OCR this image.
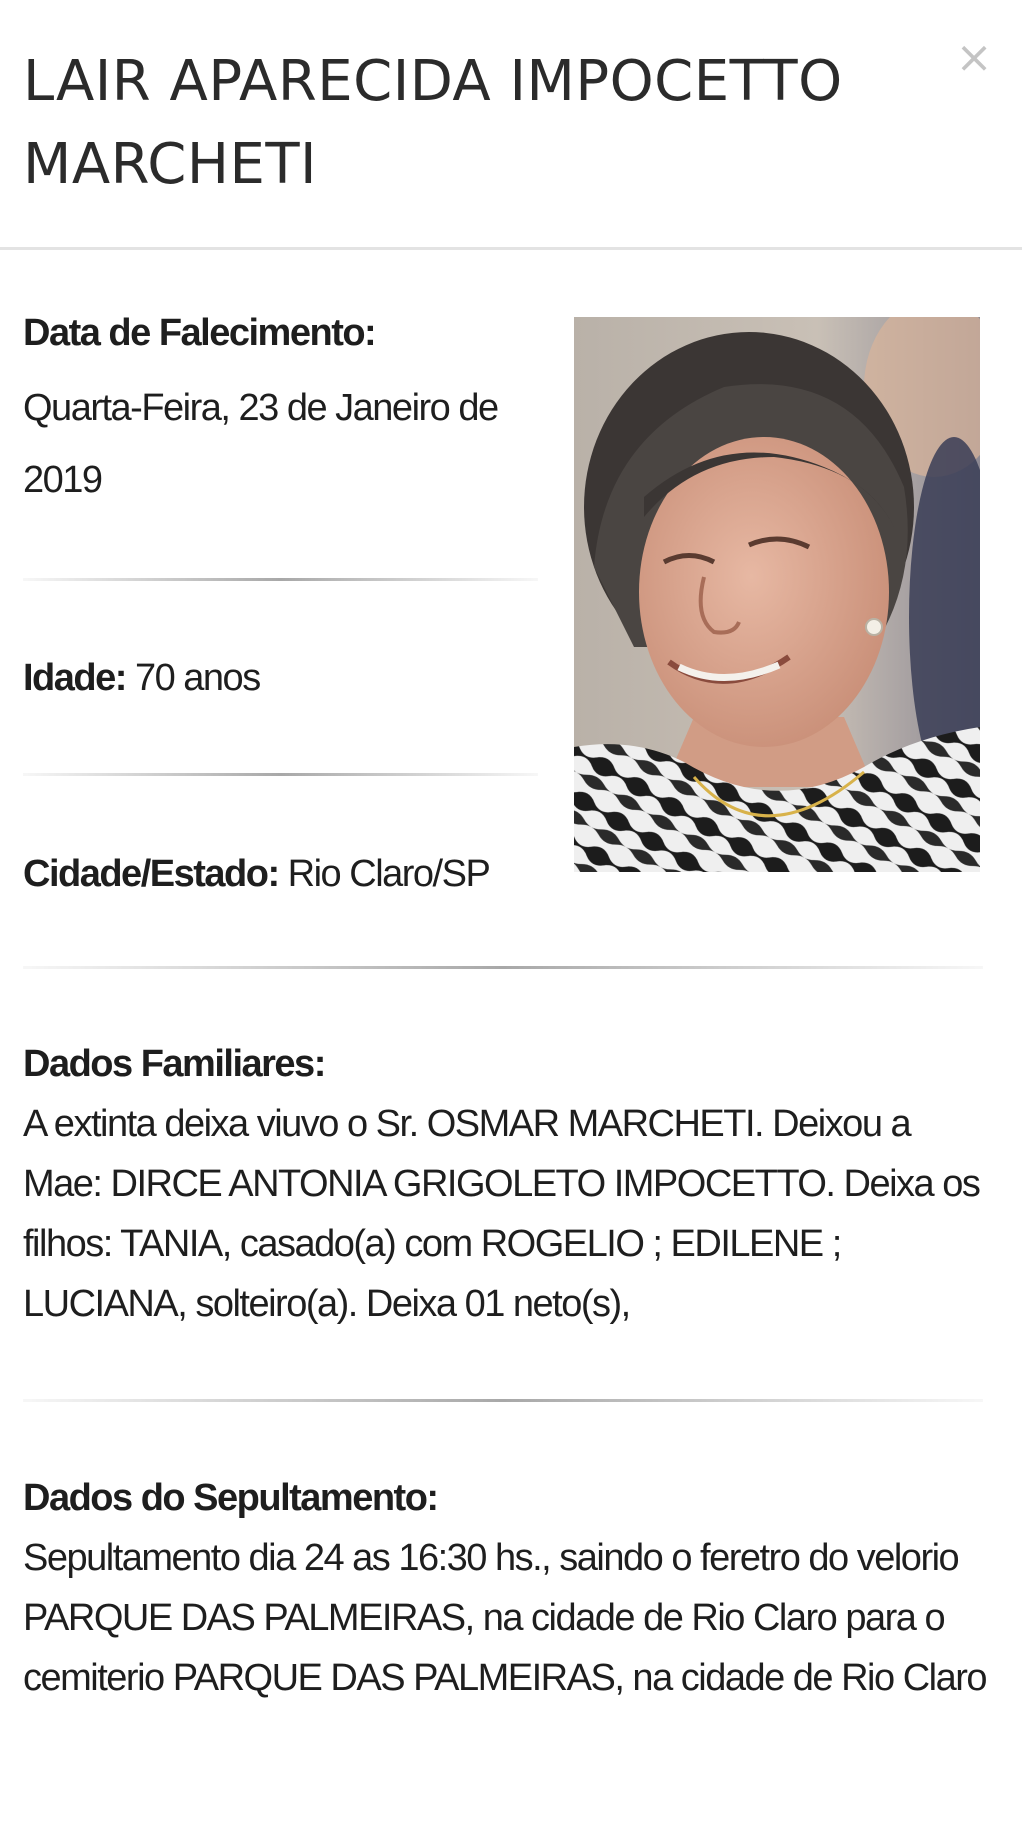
LAIR APARECIDA IMPOCETTO MARCHETI
×
Data de Falecimento:
Quarta-Feira, 23 de Janeiro de 2019
Idade: 70 anos
Cidade/Estado: Rio Claro/SP
Dados Familiares:
A extinta deixa viuvo o Sr. OSMAR MARCHETI. Deixou a Mae: DIRCE ANTONIA GRIGOLETO IMPOCETTO. Deixa os filhos: TANIA, casado(a) com ROGELIO ; EDILENE ; LUCIANA, solteiro(a). Deixa 01 neto(s),
Dados do Sepultamento:
Sepultamento dia 24 as 16:30 hs., saindo o feretro do velorio PARQUE DAS PALMEIRAS, na cidade de Rio Claro para o cemiterio PARQUE DAS PALMEIRAS, na cidade de Rio Claro
